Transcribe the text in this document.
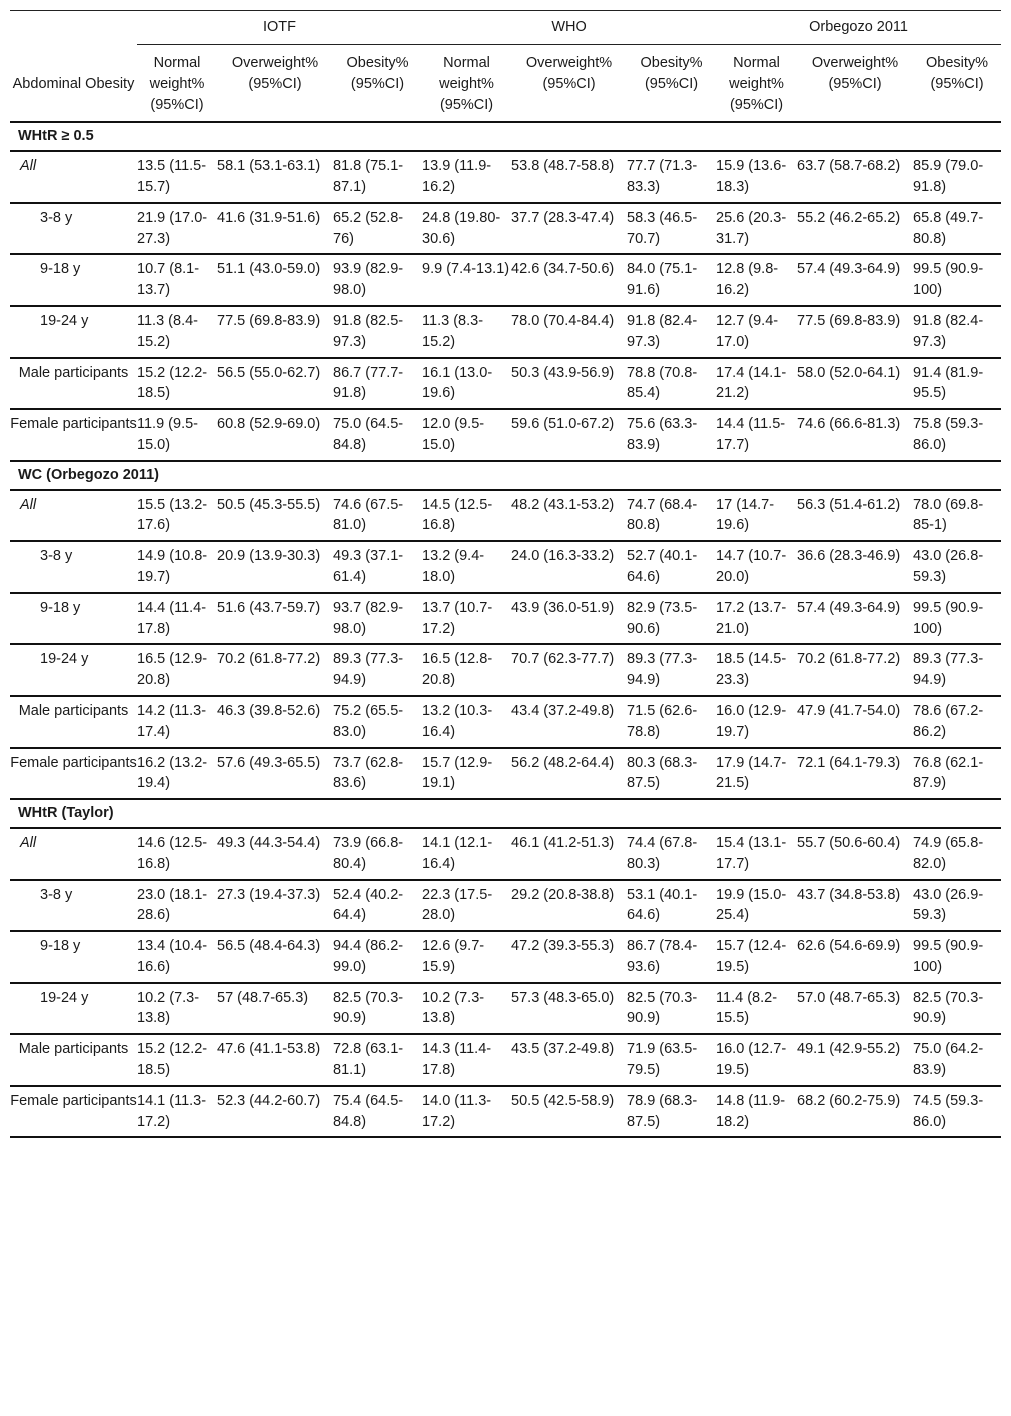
	IOTF			WHO			Orbegozo 2011		
Abdominal Obesity	Normal weight% (95%CI)	Overweight% (95%CI)	Obesity% (95%CI)	Normal weight% (95%CI)	Overweight% (95%CI)	Obesity% (95%CI)	Normal weight% (95%CI)	Overweight% (95%CI)	Obesity% (95%CI)
WHtR ≥ 0.5									
All	13.5 (11.5-15.7)	58.1 (53.1-63.1)	81.8 (75.1-87.1)	13.9 (11.9-16.2)	53.8 (48.7-58.8)	77.7 (71.3-83.3)	15.9 (13.6-18.3)	63.7 (58.7-68.2)	85.9 (79.0-91.8)
3-8 y	21.9 (17.0-27.3)	41.6 (31.9-51.6)	65.2 (52.8-76)	24.8 (19.80-30.6)	37.7 (28.3-47.4)	58.3 (46.5-70.7)	25.6 (20.3-31.7)	55.2 (46.2-65.2)	65.8 (49.7-80.8)
9-18 y	10.7 (8.1-13.7)	51.1 (43.0-59.0)	93.9 (82.9-98.0)	9.9 (7.4-13.1)	42.6 (34.7-50.6)	84.0 (75.1-91.6)	12.8 (9.8-16.2)	57.4 (49.3-64.9)	99.5 (90.9-100)
19-24 y	11.3 (8.4-15.2)	77.5 (69.8-83.9)	91.8 (82.5-97.3)	11.3 (8.3-15.2)	78.0 (70.4-84.4)	91.8 (82.4-97.3)	12.7 (9.4-17.0)	77.5 (69.8-83.9)	91.8 (82.4-97.3)
Male participants	15.2 (12.2-18.5)	56.5 (55.0-62.7)	86.7 (77.7-91.8)	16.1 (13.0-19.6)	50.3 (43.9-56.9)	78.8 (70.8-85.4)	17.4 (14.1-21.2)	58.0 (52.0-64.1)	91.4 (81.9-95.5)
Female participants	11.9 (9.5-15.0)	60.8 (52.9-69.0)	75.0 (64.5-84.8)	12.0 (9.5-15.0)	59.6 (51.0-67.2)	75.6 (63.3-83.9)	14.4 (11.5-17.7)	74.6 (66.6-81.3)	75.8 (59.3-86.0)
WC (Orbegozo 2011)									
All	15.5 (13.2-17.6)	50.5 (45.3-55.5)	74.6 (67.5-81.0)	14.5 (12.5-16.8)	48.2 (43.1-53.2)	74.7 (68.4-80.8)	17 (14.7-19.6)	56.3 (51.4-61.2)	78.0 (69.8-85-1)
3-8 y	14.9 (10.8-19.7)	20.9 (13.9-30.3)	49.3 (37.1-61.4)	13.2 (9.4-18.0)	24.0 (16.3-33.2)	52.7 (40.1-64.6)	14.7 (10.7-20.0)	36.6 (28.3-46.9)	43.0 (26.8-59.3)
9-18 y	14.4 (11.4-17.8)	51.6 (43.7-59.7)	93.7 (82.9-98.0)	13.7 (10.7-17.2)	43.9 (36.0-51.9)	82.9 (73.5-90.6)	17.2 (13.7-21.0)	57.4 (49.3-64.9)	99.5 (90.9-100)
19-24 y	16.5 (12.9-20.8)	70.2 (61.8-77.2)	89.3 (77.3-94.9)	16.5 (12.8-20.8)	70.7 (62.3-77.7)	89.3 (77.3-94.9)	18.5 (14.5-23.3)	70.2 (61.8-77.2)	89.3 (77.3-94.9)
Male participants	14.2 (11.3-17.4)	46.3 (39.8-52.6)	75.2 (65.5-83.0)	13.2 (10.3-16.4)	43.4 (37.2-49.8)	71.5 (62.6-78.8)	16.0 (12.9-19.7)	47.9 (41.7-54.0)	78.6 (67.2-86.2)
Female participants	16.2 (13.2-19.4)	57.6 (49.3-65.5)	73.7 (62.8-83.6)	15.7 (12.9-19.1)	56.2 (48.2-64.4)	80.3 (68.3-87.5)	17.9 (14.7-21.5)	72.1 (64.1-79.3)	76.8 (62.1-87.9)
WHtR (Taylor)									
All	14.6 (12.5-16.8)	49.3 (44.3-54.4)	73.9 (66.8-80.4)	14.1 (12.1-16.4)	46.1 (41.2-51.3)	74.4 (67.8-80.3)	15.4 (13.1-17.7)	55.7 (50.6-60.4)	74.9 (65.8-82.0)
3-8 y	23.0 (18.1-28.6)	27.3 (19.4-37.3)	52.4 (40.2-64.4)	22.3 (17.5-28.0)	29.2 (20.8-38.8)	53.1 (40.1-64.6)	19.9 (15.0-25.4)	43.7 (34.8-53.8)	43.0 (26.9-59.3)
9-18 y	13.4 (10.4-16.6)	56.5 (48.4-64.3)	94.4 (86.2-99.0)	12.6 (9.7-15.9)	47.2 (39.3-55.3)	86.7 (78.4-93.6)	15.7 (12.4-19.5)	62.6 (54.6-69.9)	99.5 (90.9-100)
19-24 y	10.2 (7.3-13.8)	57 (48.7-65.3)	82.5 (70.3-90.9)	10.2 (7.3-13.8)	57.3 (48.3-65.0)	82.5 (70.3-90.9)	11.4 (8.2-15.5)	57.0 (48.7-65.3)	82.5 (70.3-90.9)
Male participants	15.2 (12.2-18.5)	47.6 (41.1-53.8)	72.8 (63.1-81.1)	14.3 (11.4-17.8)	43.5 (37.2-49.8)	71.9 (63.5-79.5)	16.0 (12.7-19.5)	49.1 (42.9-55.2)	75.0 (64.2-83.9)
Female participants	14.1 (11.3-17.2)	52.3 (44.2-60.7)	75.4 (64.5-84.8)	14.0 (11.3-17.2)	50.5 (42.5-58.9)	78.9 (68.3-87.5)	14.8 (11.9-18.2)	68.2 (60.2-75.9)	74.5 (59.3-86.0)
